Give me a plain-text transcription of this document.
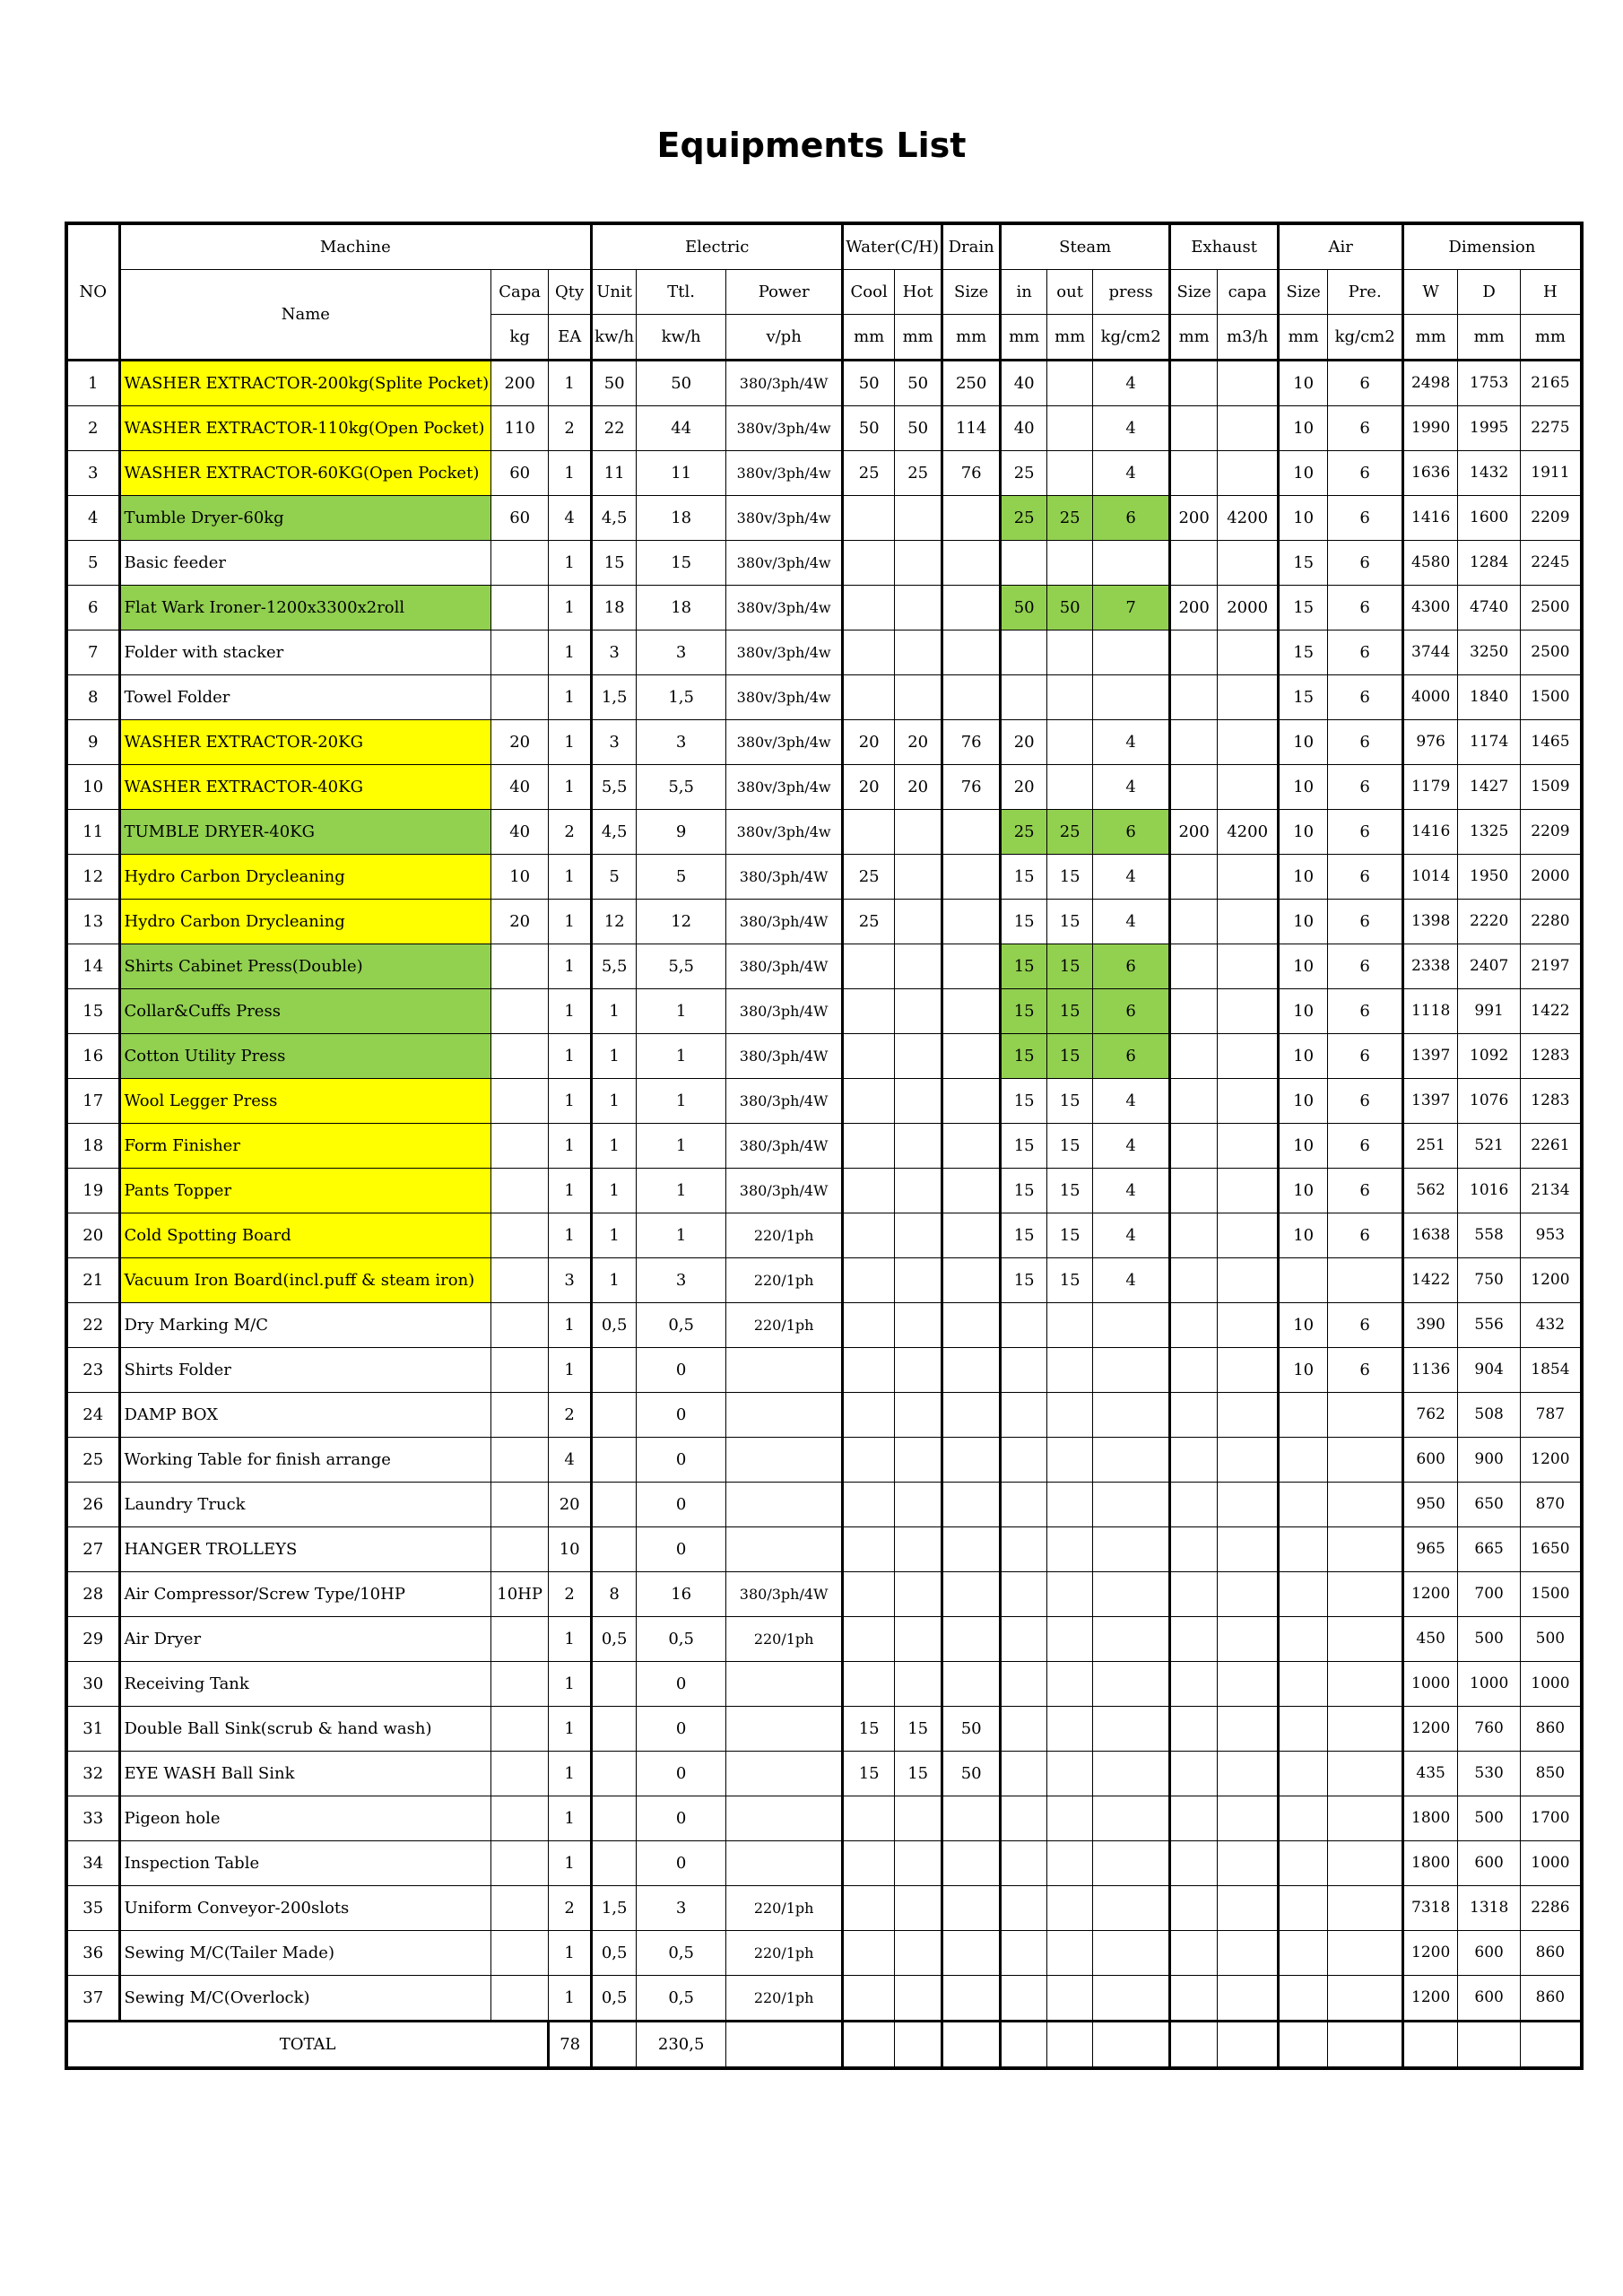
Equipments List
NO	Machine			Electric			Water(C/H)		Drain	Steam			Exhaust		Air		Dimension		
	Name	Capa	Qty	Unit	Ttl.	Power	Cool	Hot	Size	in	out	press	Size	capa	Size	Pre.	W	D	H
		kg	EA	kw/h	kw/h	v/ph	mm	mm	mm	mm	mm	kg/cm2	mm	m3/h	mm	kg/cm2	mm	mm	mm
1	WASHER EXTRACTOR-200kg(Splite Pocket)	200	1	50	50	380/3ph/4W	50	50	250	40		4			10	6	2498	1753	2165
2	WASHER EXTRACTOR-110kg(Open Pocket)	110	2	22	44	380v/3ph/4w	50	50	114	40		4			10	6	1990	1995	2275
3	WASHER EXTRACTOR-60KG(Open Pocket)	60	1	11	11	380v/3ph/4w	25	25	76	25		4			10	6	1636	1432	1911
4	Tumble Dryer-60kg	60	4	4,5	18	380v/3ph/4w				25	25	6	200	4200	10	6	1416	1600	2209
5	Basic feeder		1	15	15	380v/3ph/4w									15	6	4580	1284	2245
6	Flat Wark Ironer-1200x3300x2roll		1	18	18	380v/3ph/4w				50	50	7	200	2000	15	6	4300	4740	2500
7	Folder with stacker		1	3	3	380v/3ph/4w									15	6	3744	3250	2500
8	Towel Folder		1	1,5	1,5	380v/3ph/4w									15	6	4000	1840	1500
9	WASHER EXTRACTOR-20KG	20	1	3	3	380v/3ph/4w	20	20	76	20		4			10	6	976	1174	1465
10	WASHER EXTRACTOR-40KG	40	1	5,5	5,5	380v/3ph/4w	20	20	76	20		4			10	6	1179	1427	1509
11	TUMBLE DRYER-40KG	40	2	4,5	9	380v/3ph/4w				25	25	6	200	4200	10	6	1416	1325	2209
12	Hydro Carbon Drycleaning	10	1	5	5	380/3ph/4W	25			15	15	4			10	6	1014	1950	2000
13	Hydro Carbon Drycleaning	20	1	12	12	380/3ph/4W	25			15	15	4			10	6	1398	2220	2280
14	Shirts Cabinet Press(Double)		1	5,5	5,5	380/3ph/4W				15	15	6			10	6	2338	2407	2197
15	Collar&Cuffs Press		1	1	1	380/3ph/4W				15	15	6			10	6	1118	991	1422
16	Cotton Utility Press		1	1	1	380/3ph/4W				15	15	6			10	6	1397	1092	1283
17	Wool Legger Press		1	1	1	380/3ph/4W				15	15	4			10	6	1397	1076	1283
18	Form Finisher		1	1	1	380/3ph/4W				15	15	4			10	6	251	521	2261
19	Pants Topper		1	1	1	380/3ph/4W				15	15	4			10	6	562	1016	2134
20	Cold Spotting Board		1	1	1	220/1ph				15	15	4			10	6	1638	558	953
21	Vacuum Iron Board(incl.puff & steam iron)		3	1	3	220/1ph				15	15	4					1422	750	1200
22	Dry Marking M/C		1	0,5	0,5	220/1ph									10	6	390	556	432
23	Shirts Folder		1		0										10	6	1136	904	1854
24	DAMP BOX		2		0												762	508	787
25	Working Table for finish arrange		4		0												600	900	1200
26	Laundry Truck		20		0												950	650	870
27	HANGER TROLLEYS		10		0												965	665	1650
28	Air Compressor/Screw Type/10HP	10HP	2	8	16	380/3ph/4W											1200	700	1500
29	Air Dryer		1	0,5	0,5	220/1ph											450	500	500
30	Receiving Tank		1		0												1000	1000	1000
31	Double Ball Sink(scrub & hand wash)		1		0		15	15	50								1200	760	860
32	EYE WASH Ball Sink		1		0		15	15	50								435	530	850
33	Pigeon hole		1		0												1800	500	1700
34	Inspection Table		1		0												1800	600	1000
35	Uniform Conveyor-200slots		2	1,5	3	220/1ph											7318	1318	2286
36	Sewing M/C(Tailer Made)		1	0,5	0,5	220/1ph											1200	600	860
37	Sewing M/C(Overlock)		1	0,5	0,5	220/1ph											1200	600	860
TOTAL			78		230,5														
